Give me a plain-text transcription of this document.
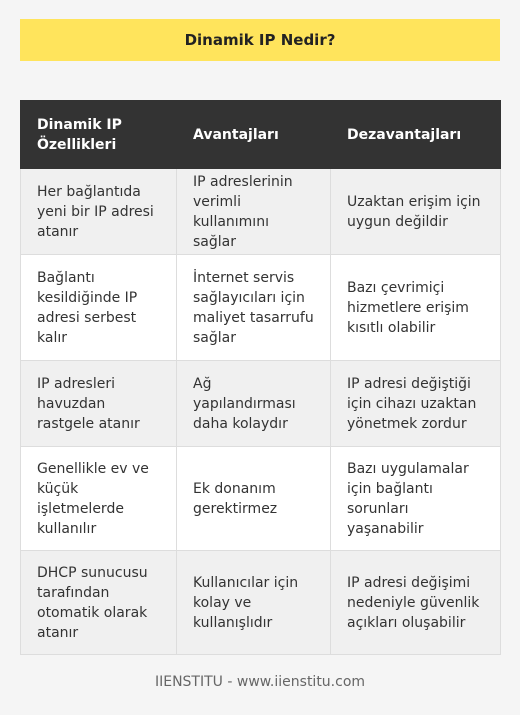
Dinamik IP Nedir?
Dinamik IP Özellikleri	Avantajları	Dezavantajları
Her bağlantıda yeni bir IP adresi atanır	IP adreslerinin verimli kullanımını sağlar	Uzaktan erişim için uygun değildir
Bağlantı kesildiğinde IP adresi serbest kalır	İnternet servis sağlayıcıları için maliyet tasarrufu sağlar	Bazı çevrimiçi hizmetlere erişim kısıtlı olabilir
IP adresleri havuzdan rastgele atanır	Ağ yapılandırması daha kolaydır	IP adresi değiştiği için cihazı uzaktan yönetmek zordur
Genellikle ev ve küçük işletmelerde kullanılır	Ek donanım gerektirmez	Bazı uygulamalar için bağlantı sorunları yaşanabilir
DHCP sunucusu tarafından otomatik olarak atanır	Kullanıcılar için kolay ve kullanışlıdır	IP adresi değişimi nedeniyle güvenlik açıkları oluşabilir
IIENSTITU - www.iienstitu.com
